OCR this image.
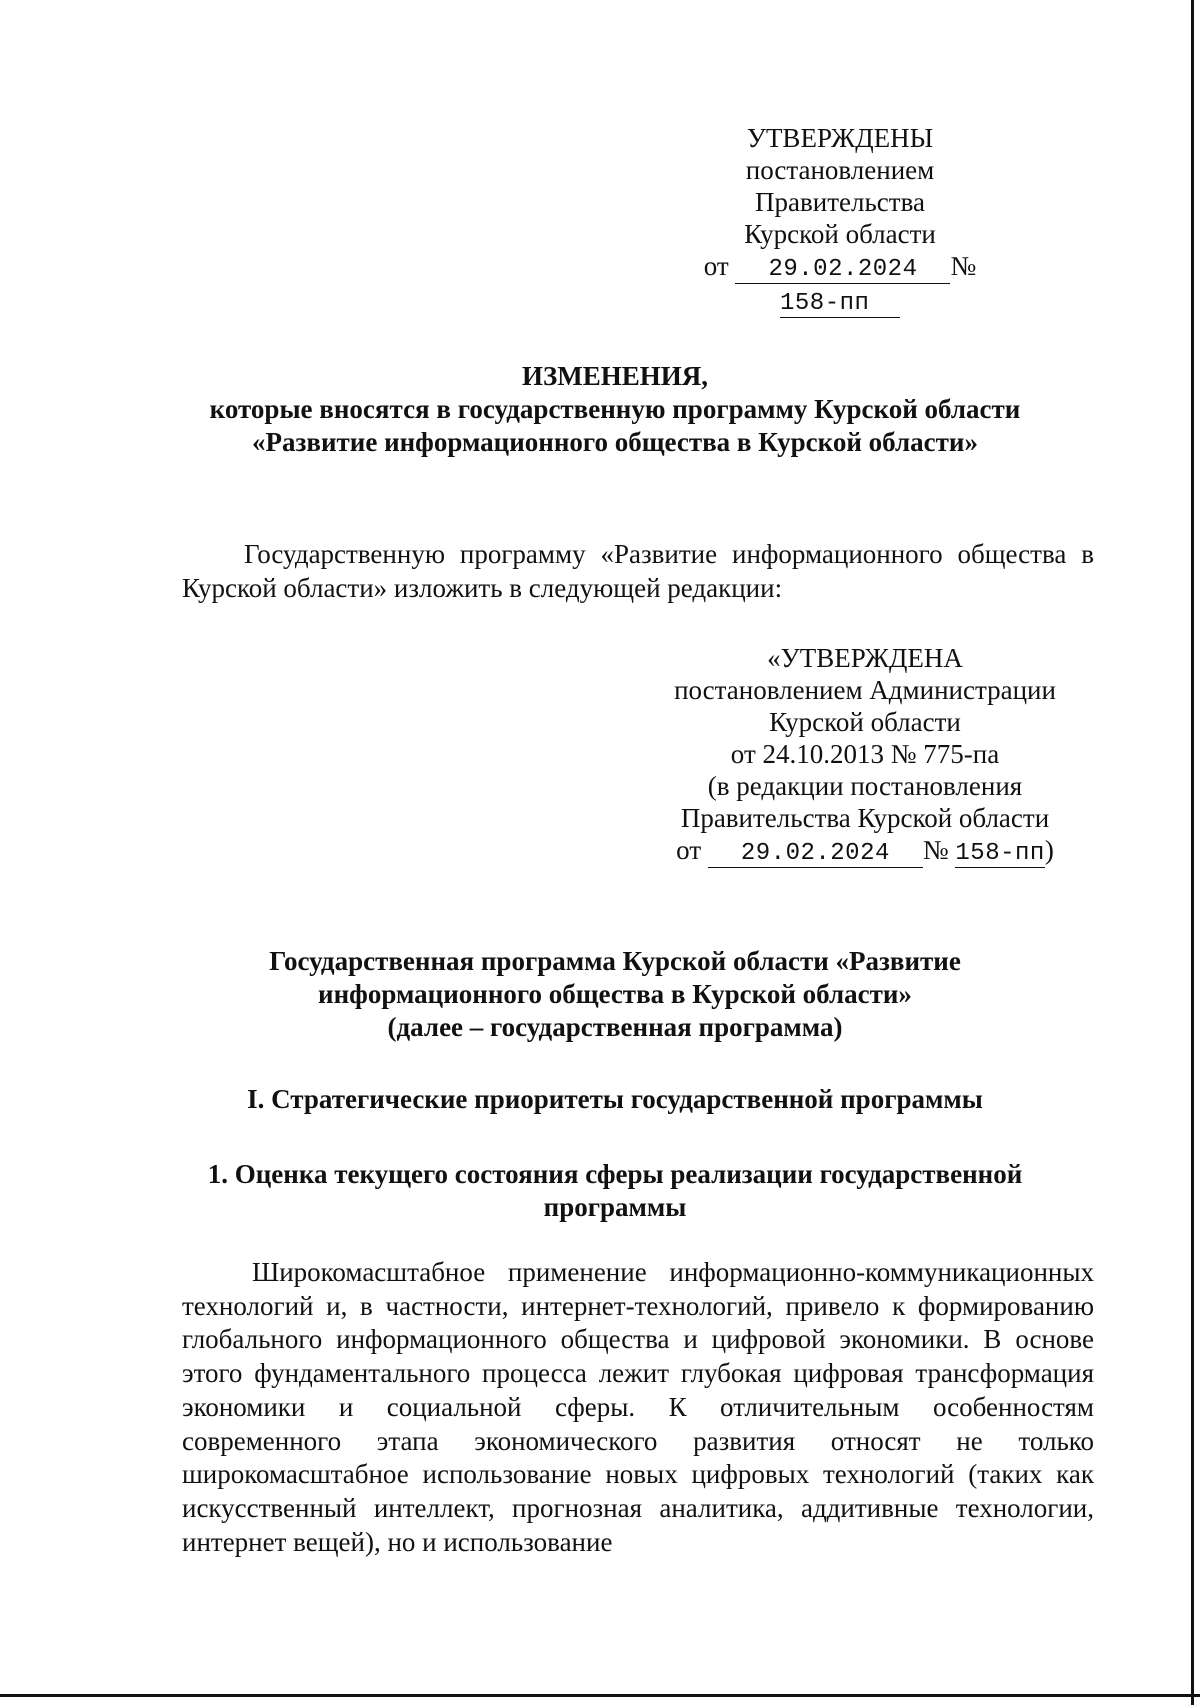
УТВЕРЖДЕНЫ
постановлением Правительства
Курской области
от 29.02.2024 № 158-пп
ИЗМЕНЕНИЯ,
которые вносятся в государственную программу Курской области
«Развитие информационного общества в Курской области»
Государственную программу «Развитие информационного общества в Курской области» изложить в следующей редакции:
«УТВЕРЖДЕНА
постановлением Администрации
Курской области
от 24.10.2013 № 775-па
(в редакции постановления
Правительства Курской области
от 29.02.2024 № 158-пп)
Государственная программа Курской области «Развитие
информационного общества в Курской области»
(далее – государственная программа)
I. Стратегические приоритеты государственной программы
1. Оценка текущего состояния сферы реализации государственной
программы
Широкомасштабное применение информационно-коммуникационных технологий и, в частности, интернет-технологий, привело к формированию глобального информационного общества и цифровой экономики. В основе этого фундаментального процесса лежит глубокая цифровая трансформация экономики и социальной сферы. К отличительным особенностям современного этапа экономического развития относят не только широкомасштабное использование новых цифровых технологий (таких как искусственный интеллект, прогнозная аналитика, аддитивные технологии, интернет вещей), но и использование
